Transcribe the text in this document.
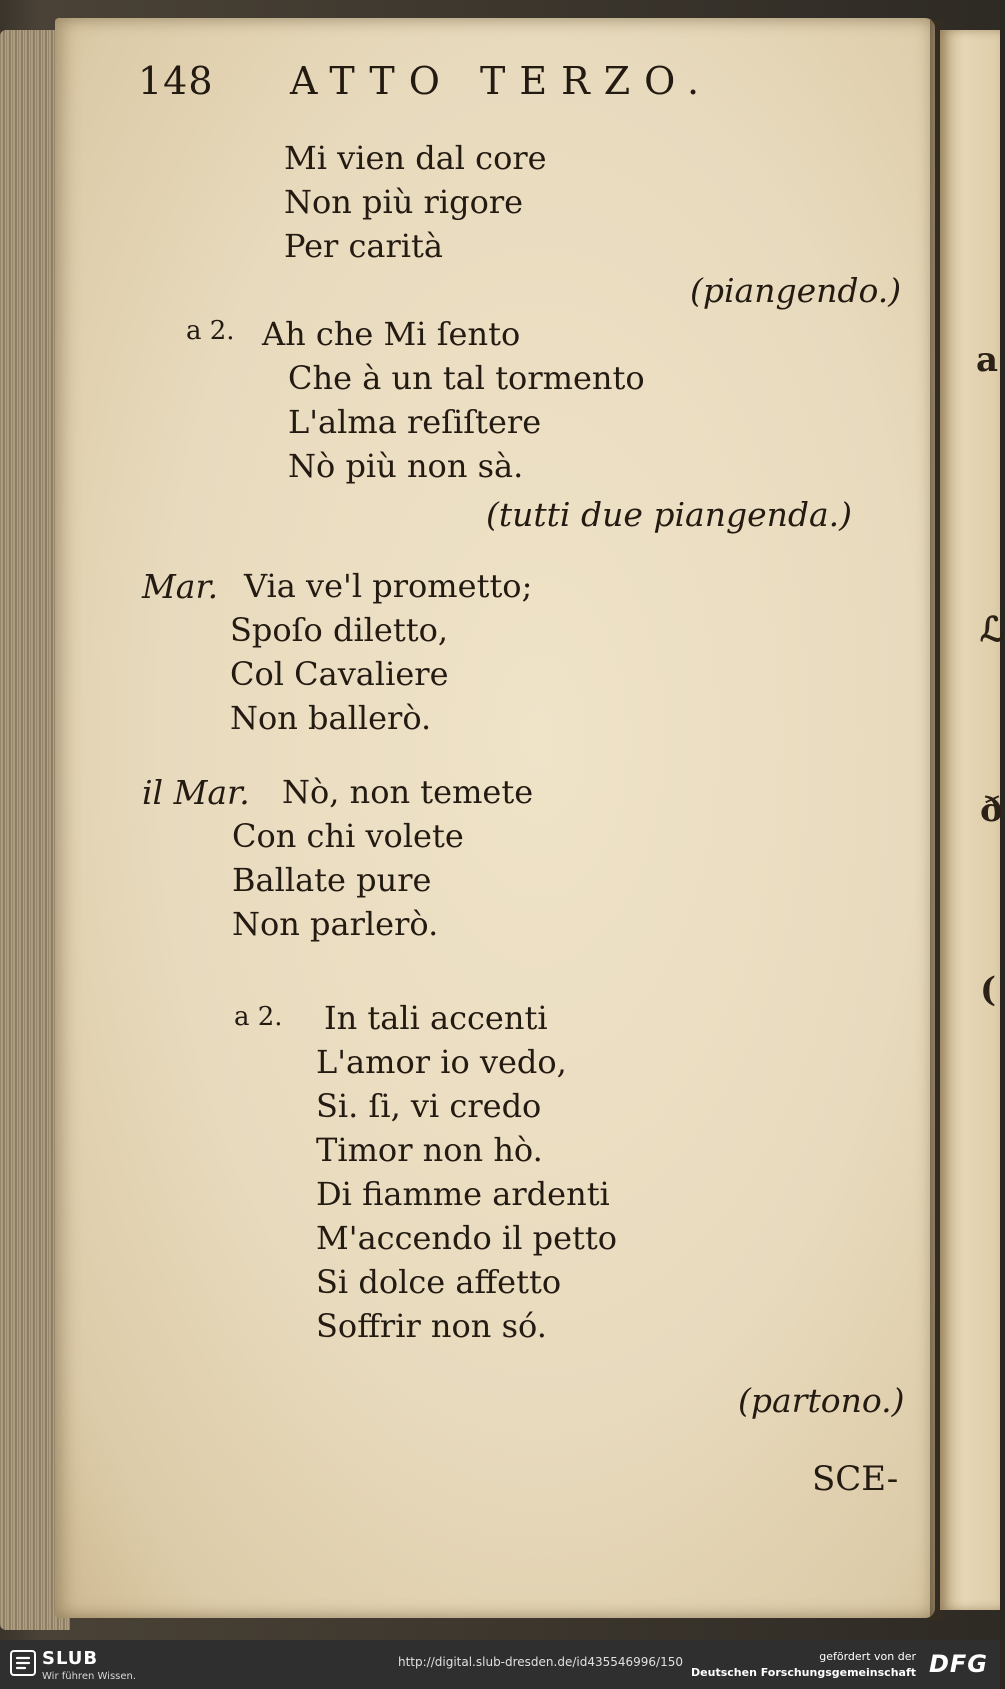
a
ℒ
ð
(
148 ATTO TERZO.
Mi vien dal core
Non più rigore
Per carità
(piangendo.)
a 2. Ah che Mi ſento
Che à un tal tormento
L'alma reſiſtere
Nò più non sà.
(tutti due piangenda.)
Mar. Via ve'l prometto;
Spoſo diletto,
Col Cavaliere
Non ballerò.
il Mar. Nò, non temete
Con chi volete
Ballate pure
Non parlerò.
a 2. In tali accenti
L'amor io vedo,
Si. ſi, vi credo
Timor non hò.
Di fiamme ardenti
M'accendo il petto
Si dolce affetto
Soffrir non só.
(partono.)
SCE-
SLUB
Wir führen Wissen.
http://digital.slub-dresden.de/id435546996/150	gefördert von der
Deutschen Forschungsgemeinschaft DFG
